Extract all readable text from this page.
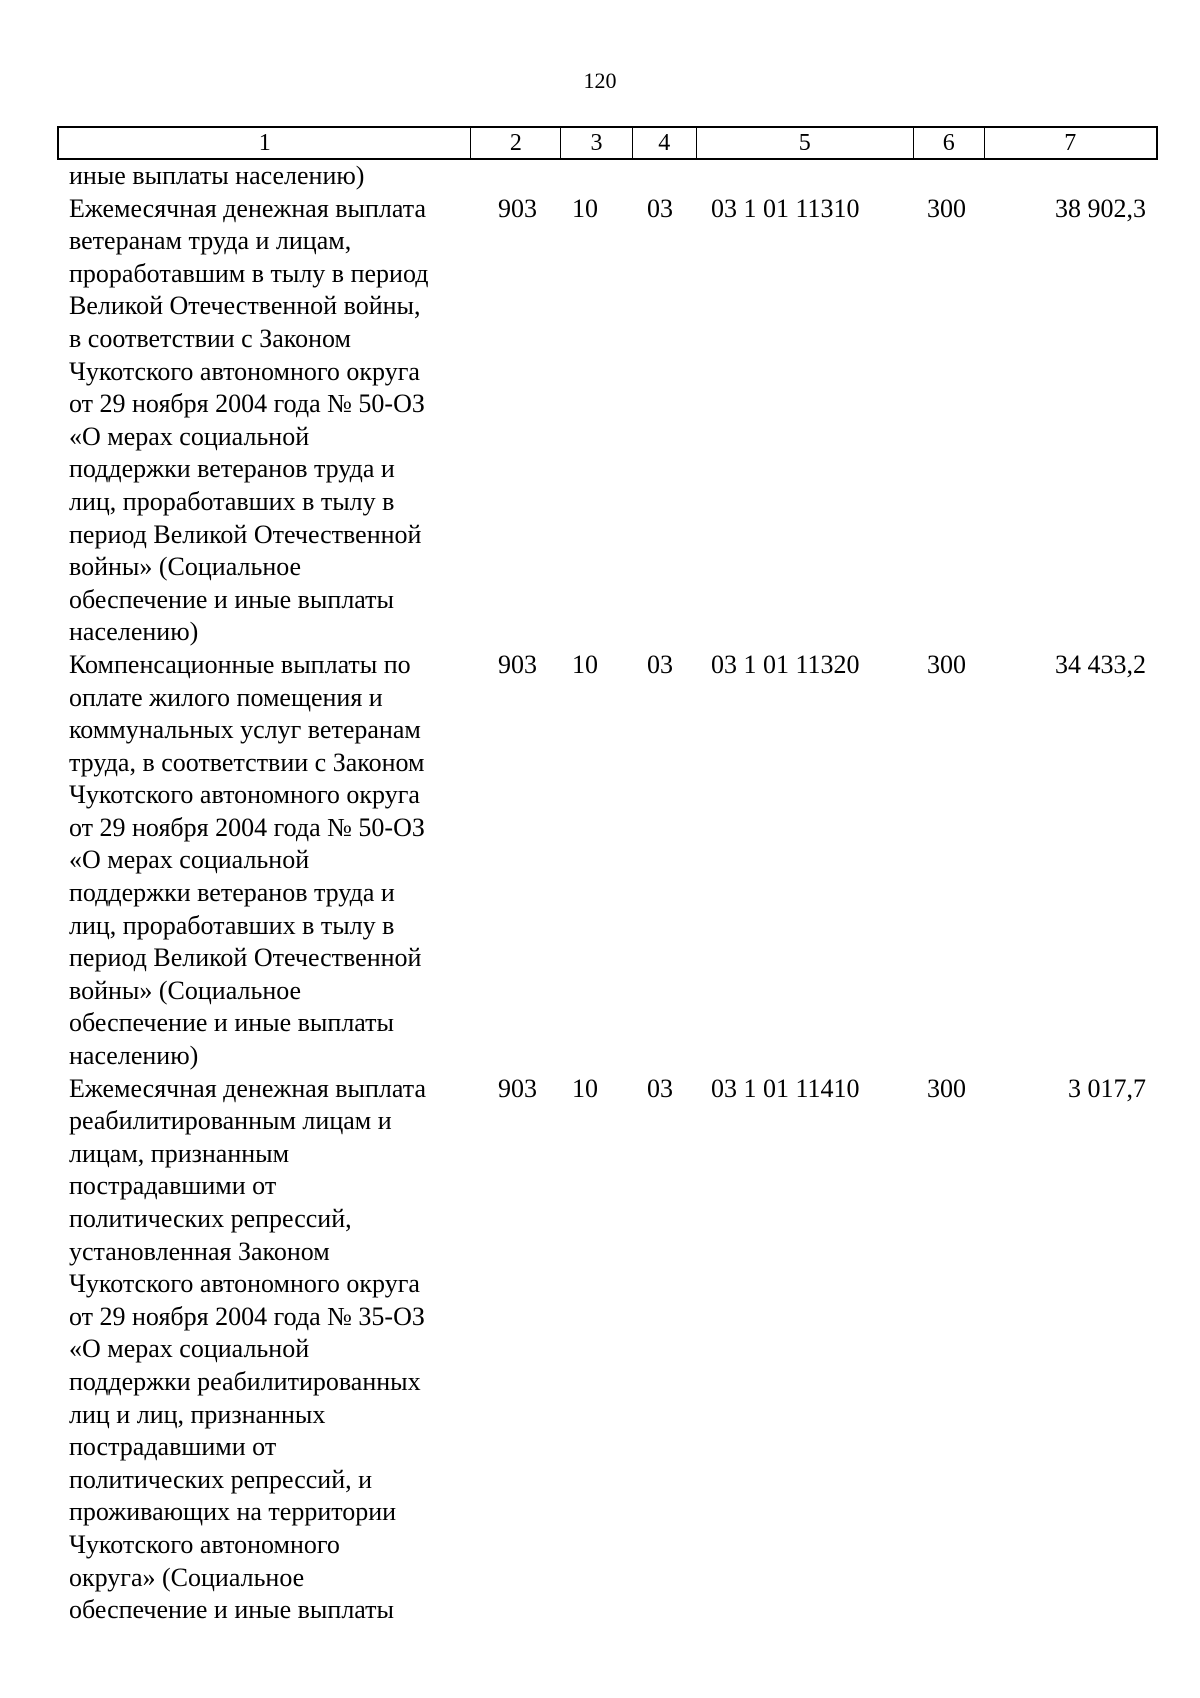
120
1	2	3	4	5	6	7
иные выплаты населению)
Ежемесячная денежная выплата
ветеранам труда и лицам,
проработавшим в тылу в период
Великой Отечественной войны,
в соответствии с Законом
Чукотского автономного округа
от 29 ноября 2004 года № 50-ОЗ
«О мерах социальной
поддержки ветеранов труда и
лиц, проработавших в тылу в
период Великой Отечественной
войны» (Социальное
обеспечение и иные выплаты
населению)
903	10	03	03 1 01 11310	300	38 902,3
Компенсационные выплаты по
оплате жилого помещения и
коммунальных услуг ветеранам
труда, в соответствии с Законом
Чукотского автономного округа
от 29 ноября 2004 года № 50-ОЗ
«О мерах социальной
поддержки ветеранов труда и
лиц, проработавших в тылу в
период Великой Отечественной
войны» (Социальное
обеспечение и иные выплаты
населению)
903	10	03	03 1 01 11320	300	34 433,2
Ежемесячная денежная выплата
реабилитированным лицам и
лицам, признанным
пострадавшими от
политических репрессий,
установленная Законом
Чукотского автономного округа
от 29 ноября 2004 года № 35-ОЗ
«О мерах социальной
поддержки реабилитированных
лиц и лиц, признанных
пострадавшими от
политических репрессий, и
проживающих на территории
Чукотского автономного
округа» (Социальное
обеспечение и иные выплаты
903	10	03	03 1 01 11410	300	3 017,7
